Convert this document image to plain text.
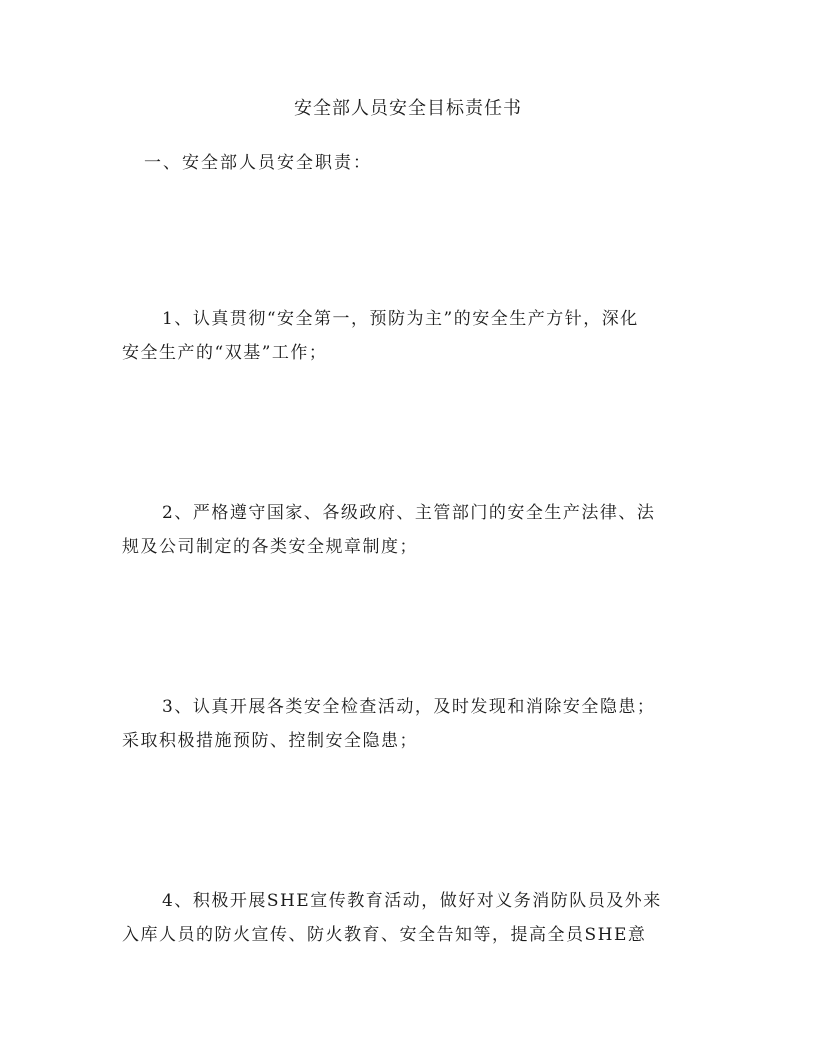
安全部人员安全目标责任书
一、安全部人员安全职责：
1、认真贯彻“安全第一，预防为主”的安全生产方针，深化
安全生产的“双基”工作；
2、严格遵守国家、各级政府、主管部门的安全生产法律、法
规及公司制定的各类安全规章制度；
3、认真开展各类安全检查活动，及时发现和消除安全隐患；
采取积极措施预防、控制安全隐患；
4、积极开展SHE宣传教育活动，做好对义务消防队员及外来
入库人员的防火宣传、防火教育、安全告知等，提高全员SHE意
